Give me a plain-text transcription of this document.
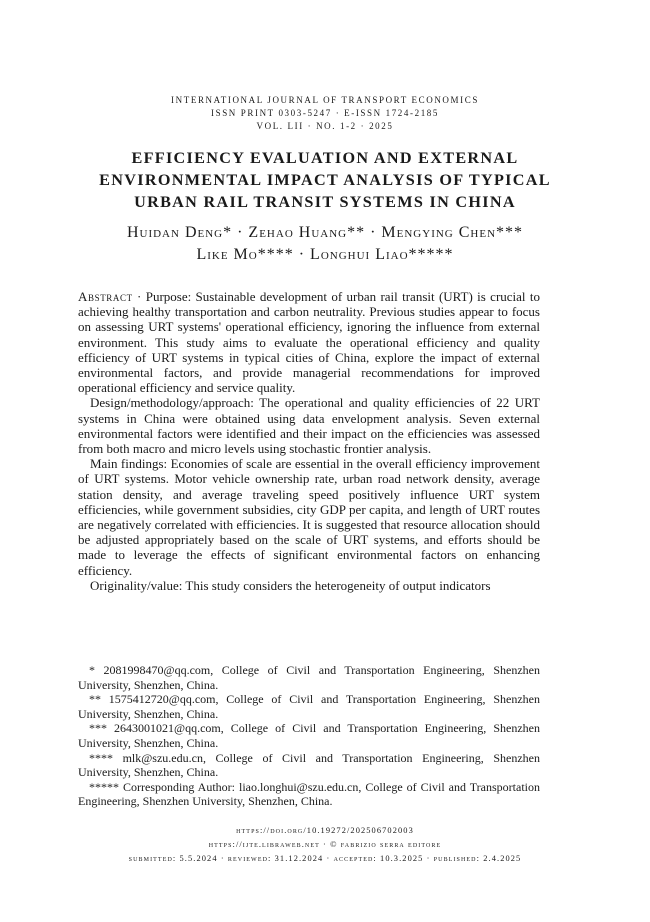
INTERNATIONAL JOURNAL OF TRANSPORT ECONOMICS
ISSN PRINT 0303-5247 · E-ISSN 1724-2185
VOL. LII · NO. 1-2 · 2025
EFFICIENCY EVALUATION AND EXTERNAL
ENVIRONMENTAL IMPACT ANALYSIS OF TYPICAL
URBAN RAIL TRANSIT SYSTEMS IN CHINA
Huidan Deng* · Zehao Huang** · Mengying Chen***
Like Mo**** · Longhui Liao*****

Abstract · Purpose: Sustainable development of urban rail transit (URT) is crucial to achieving healthy transportation and carbon neutrality. Previous studies appear to focus on assessing URT systems' operational efficiency, ignoring the influence from external environment. This study aims to evaluate the operational efficiency and quality efficiency of URT systems in typical cities of China, explore the impact of external environmental factors, and provide managerial recommendations for improved operational efficiency and service quality.

Design/methodology/approach: The operational and quality efficiencies of 22 URT systems in China were obtained using data envelopment analysis. Seven external environmental factors were identified and their impact on the efficiencies was assessed from both macro and micro levels using stochastic frontier analysis.

Main findings: Economies of scale are essential in the overall efficiency improvement of URT systems. Motor vehicle ownership rate, urban road network density, average station density, and average traveling speed positively influence URT system efficiencies, while government subsidies, city GDP per capita, and length of URT routes are negatively correlated with efficiencies. It is suggested that resource allocation should be adjusted appropriately based on the scale of URT systems, and efforts should be made to leverage the effects of significant environmental factors on enhancing efficiency.

Originality/value: This study considers the heterogeneity of output indicators

* 2081998470@qq.com, College of Civil and Transportation Engineering, Shenzhen University, Shenzhen, China.

** 1575412720@qq.com, College of Civil and Transportation Engineering, Shenzhen University, Shenzhen, China.

*** 2643001021@qq.com, College of Civil and Transportation Engineering, Shenzhen University, Shenzhen, China.

**** mlk@szu.edu.cn, College of Civil and Transportation Engineering, Shenzhen University, Shenzhen, China.

***** Corresponding Author: liao.longhui@szu.edu.cn, College of Civil and Transportation Engineering, Shenzhen University, Shenzhen, China.

https://doi.org/10.19272/202506702003
https://ijte.libraweb.net · © fabrizio serra editore
submitted: 5.5.2024 · reviewed: 31.12.2024 · accepted: 10.3.2025 · published: 2.4.2025
